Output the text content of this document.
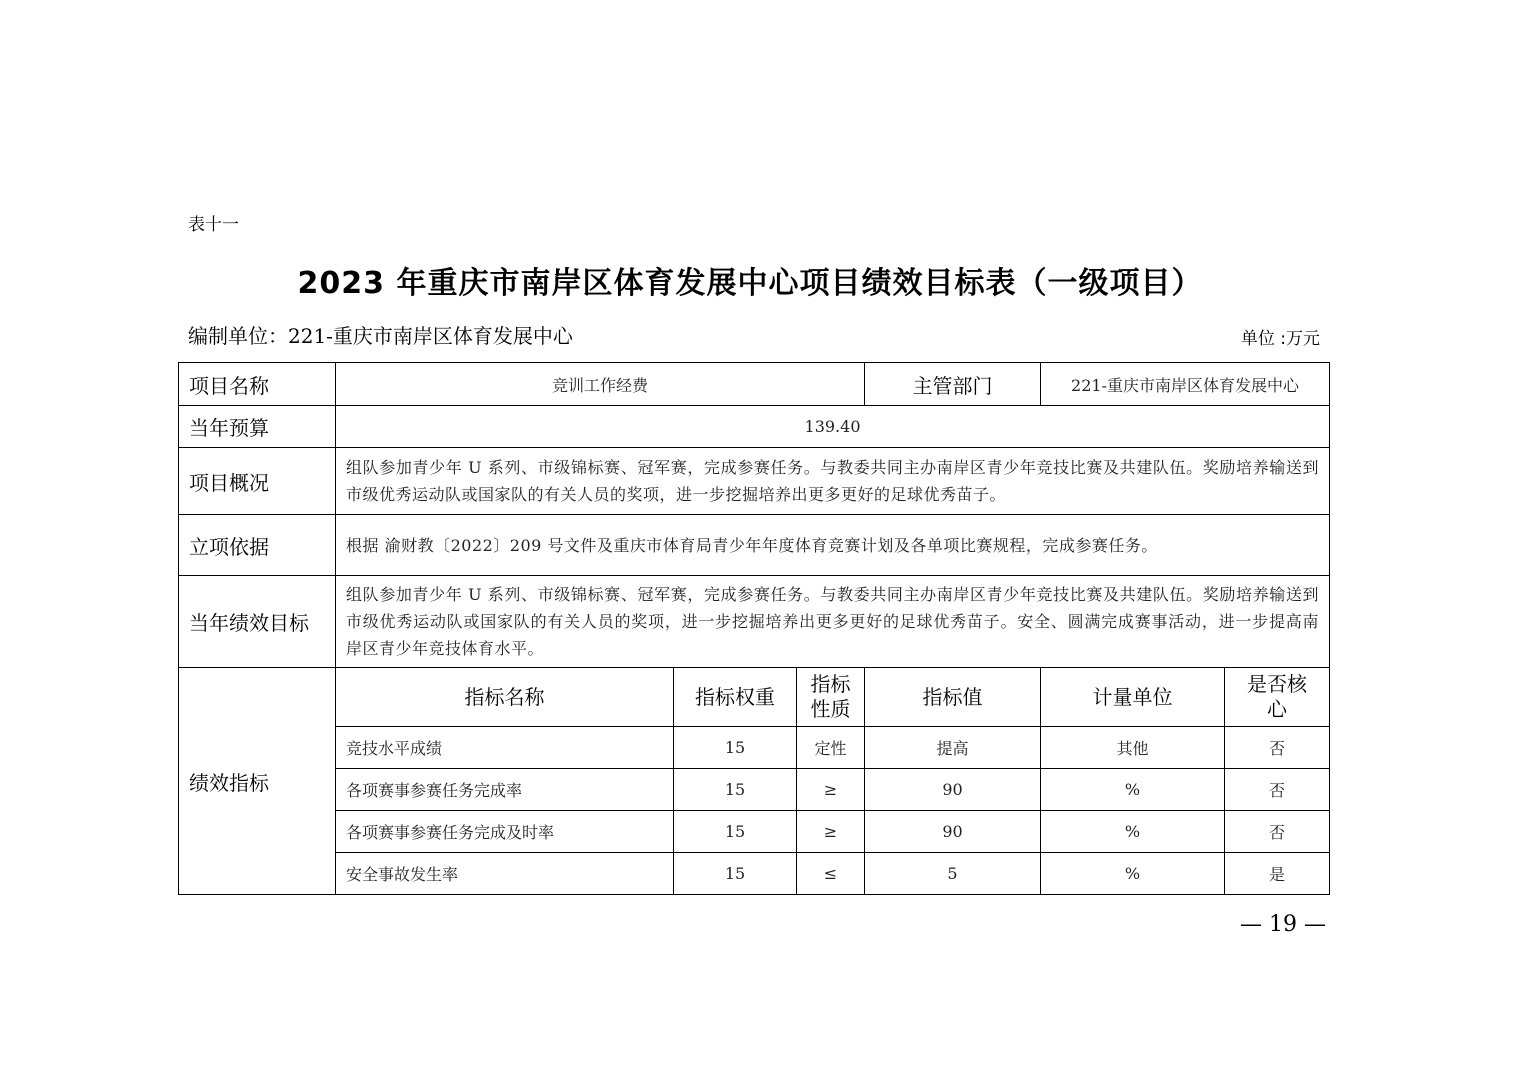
表十一
2023 年重庆市南岸区体育发展中心项目绩效目标表（一级项目）
编制单位：221-重庆市南岸区体育发展中心	单位 :万元
项目名称	竞训工作经费			主管部门	221-重庆市南岸区体育发展中心	
当年预算	139.40					
项目概况	组队参加青少年 U 系列、市级锦标赛、冠军赛，完成参赛任务。与教委共同主办南岸区青少年竞技比赛及共建队伍。奖励培养输送到市级优秀运动队或国家队的有关人员的奖项，进一步挖掘培养出更多更好的足球优秀苗子。					
立项依据	根据 渝财教〔2022〕209 号文件及重庆市体育局青少年年度体育竞赛计划及各单项比赛规程，完成参赛任务。					
当年绩效目标	组队参加青少年 U 系列、市级锦标赛、冠军赛，完成参赛任务。与教委共同主办南岸区青少年竞技比赛及共建队伍。奖励培养输送到市级优秀运动队或国家队的有关人员的奖项，进一步挖掘培养出更多更好的足球优秀苗子。安全、圆满完成赛事活动，进一步提高南岸区青少年竞技体育水平。					
绩效指标	指标名称	指标权重	指标性质	指标值	计量单位	是否核心
	竞技水平成绩	15	定性	提高	其他	否
	各项赛事参赛任务完成率	15	≥	90	%	否
	各项赛事参赛任务完成及时率	15	≥	90	%	否
	安全事故发生率	15	≤	5	%	是
— 19 —
